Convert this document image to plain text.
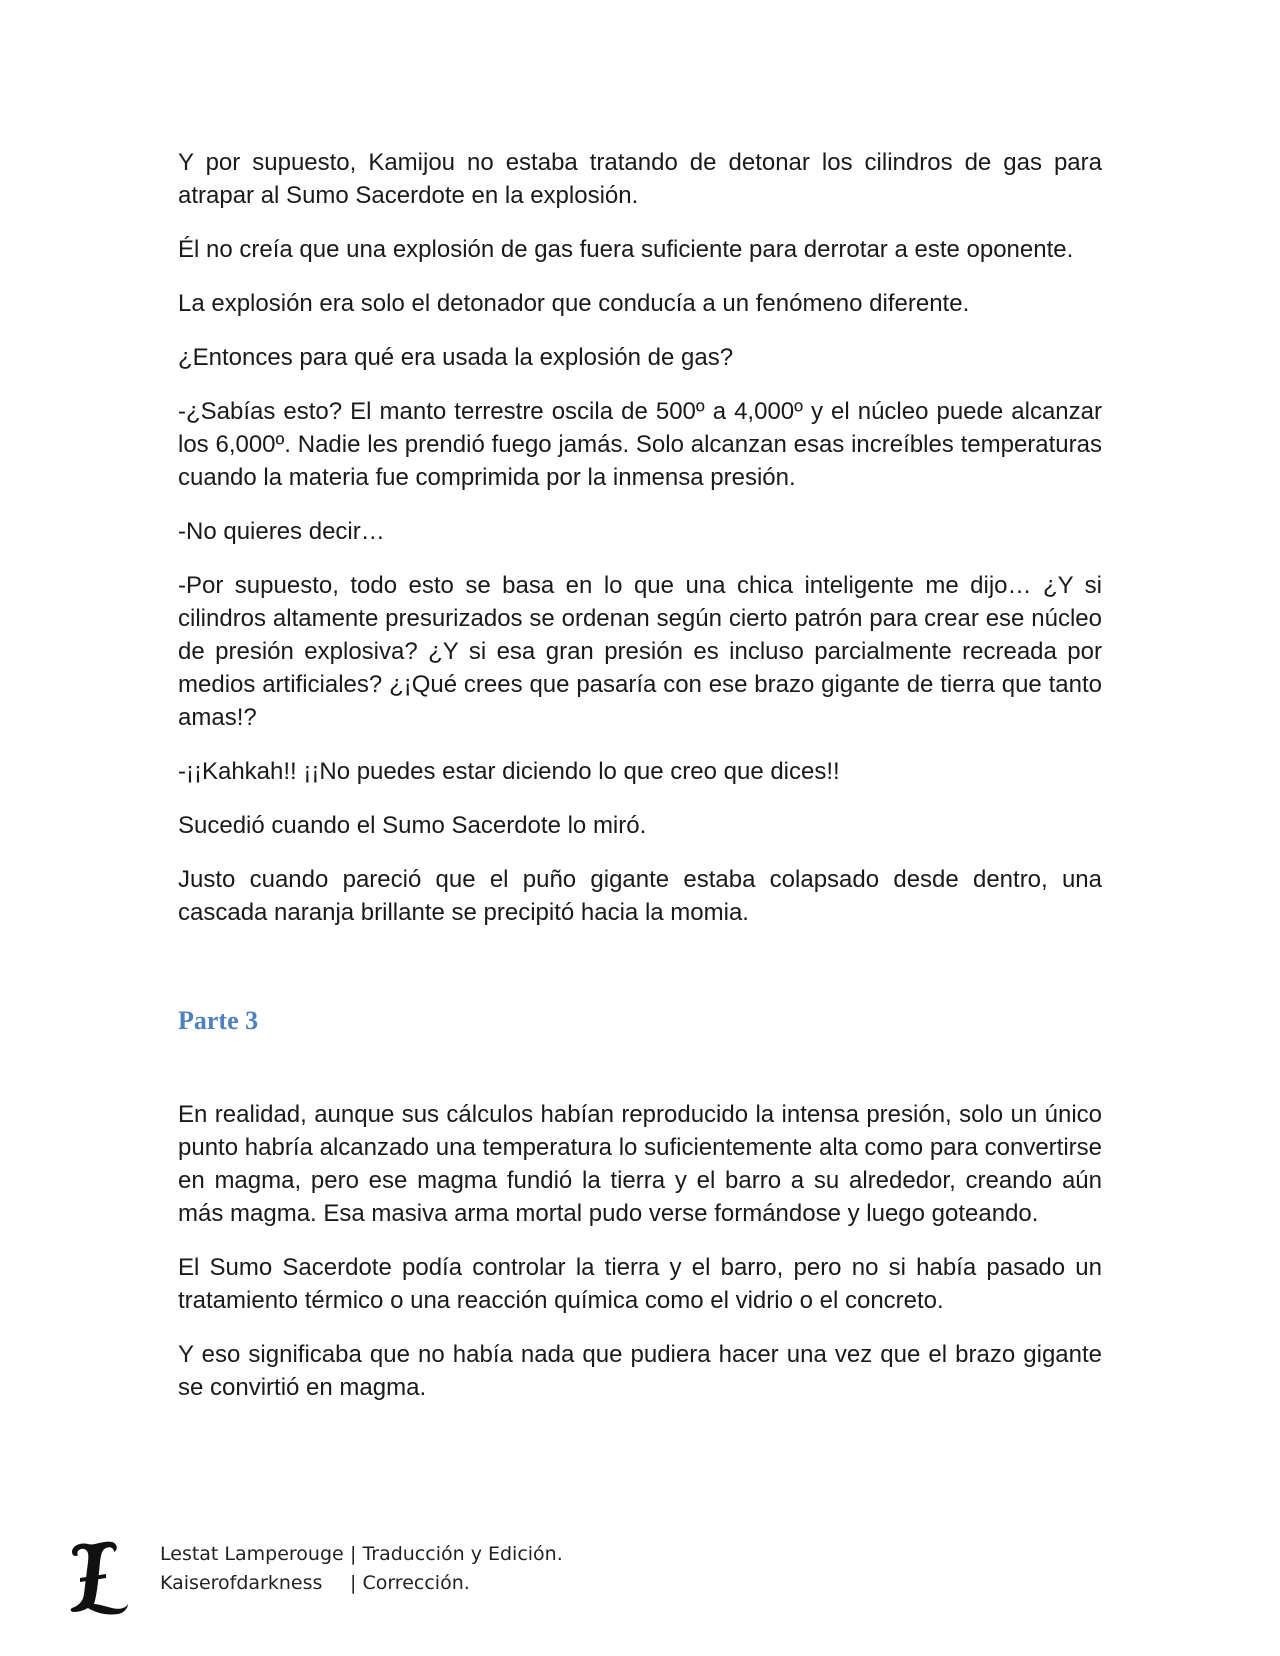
Y por supuesto, Kamijou no estaba tratando de detonar los cilindros de gas para atrapar al Sumo Sacerdote en la explosión.

Él no creía que una explosión de gas fuera suficiente para derrotar a este oponente.

La explosión era solo el detonador que conducía a un fenómeno diferente.

¿Entonces para qué era usada la explosión de gas?

-¿Sabías esto? El manto terrestre oscila de 500º a 4,000º y el núcleo puede alcanzar los 6,000º. Nadie les prendió fuego jamás. Solo alcanzan esas increíbles temperaturas cuando la materia fue comprimida por la inmensa presión.

-No quieres decir…

-Por supuesto, todo esto se basa en lo que una chica inteligente me dijo… ¿Y si cilindros altamente presurizados se ordenan según cierto patrón para crear ese núcleo de presión explosiva? ¿Y si esa gran presión es incluso parcialmente recreada por medios artificiales? ¿¡Qué crees que pasaría con ese brazo gigante de tierra que tanto amas!?

-¡¡Kahkah!! ¡¡No puedes estar diciendo lo que creo que dices!!

Sucedió cuando el Sumo Sacerdote lo miró.

Justo cuando pareció que el puño gigante estaba colapsado desde dentro, una cascada naranja brillante se precipitó hacia la momia.

Parte 3

En realidad, aunque sus cálculos habían reproducido la intensa presión, solo un único punto habría alcanzado una temperatura lo suficientemente alta como para convertirse en magma, pero ese magma fundió la tierra y el barro a su alrededor, creando aún más magma. Esa masiva arma mortal pudo verse formándose y luego goteando.

El Sumo Sacerdote podía controlar la tierra y el barro, pero no si había pasado un tratamiento térmico o una reacción química como el vidrio o el concreto.

Y eso significaba que no había nada que pudiera hacer una vez que el brazo gigante se convirtió en magma.

Lestat Lamperouge | Traducción y Edición.
Kaiserofdarkness | Corrección.
